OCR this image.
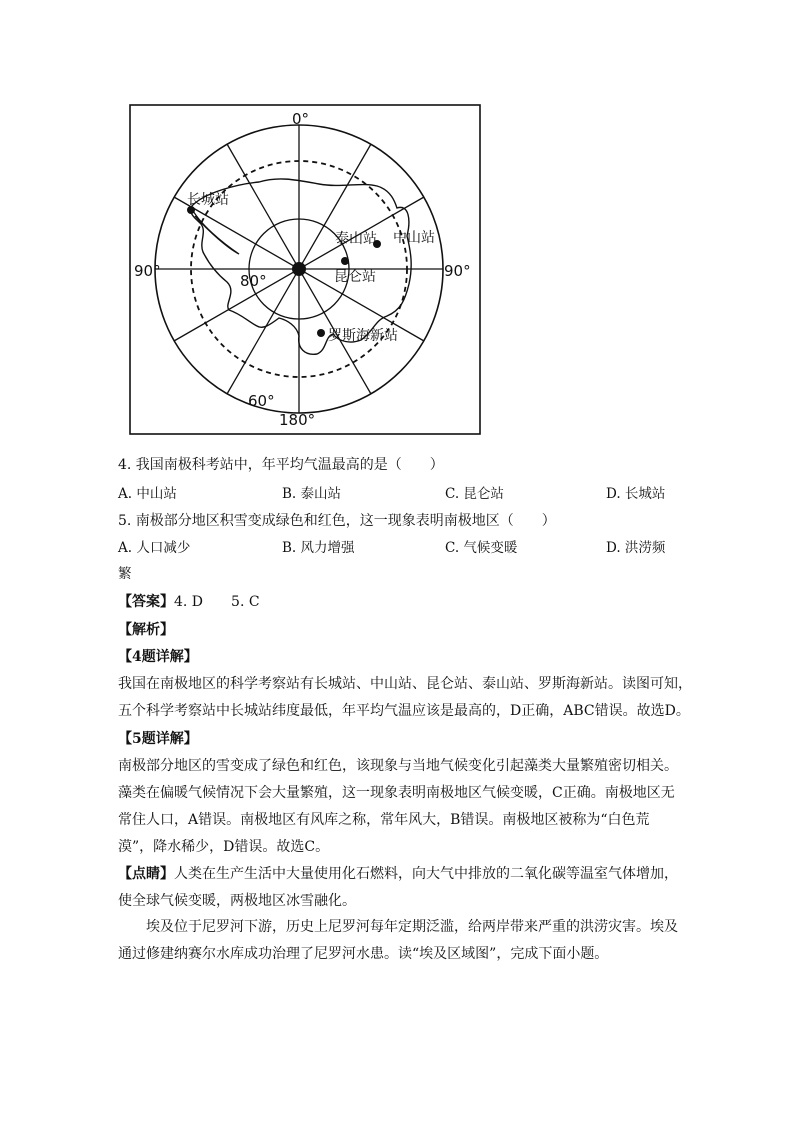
长城站
泰山站 中山站
昆仑站
罗斯海新站
0°
90°	90°
180°
80°
60°
4. 我国南极科考站中，年平均气温最高的是（　　）
A. 中山站	B. 泰山站	C. 昆仑站	D. 长城站
5. 南极部分地区积雪变成绿色和红色，这一现象表明南极地区（　　）
A. 人口减少	B. 风力增强	C. 气候变暖	D. 洪涝频
繁
【答案】4. D　　5. C
【解析】
【4题详解】
我国在南极地区的科学考察站有长城站、中山站、昆仑站、泰山站、罗斯海新站。读图可知，
五个科学考察站中长城站纬度最低，年平均气温应该是最高的，D正确，ABC错误。故选D。
【5题详解】
南极部分地区的雪变成了绿色和红色，该现象与当地气候变化引起藻类大量繁殖密切相关。
藻类在偏暖气候情况下会大量繁殖，这一现象表明南极地区气候变暖，C正确。南极地区无
常住人口，A错误。南极地区有风库之称，常年风大，B错误。南极地区被称为“白色荒
漠”，降水稀少，D错误。故选C。
【点睛】人类在生产生活中大量使用化石燃料，向大气中排放的二氧化碳等温室气体增加，
使全球气候变暖，两极地区冰雪融化。
埃及位于尼罗河下游，历史上尼罗河每年定期泛滥，给两岸带来严重的洪涝灾害。埃及
通过修建纳赛尔水库成功治理了尼罗河水患。读“埃及区域图”，完成下面小题。
